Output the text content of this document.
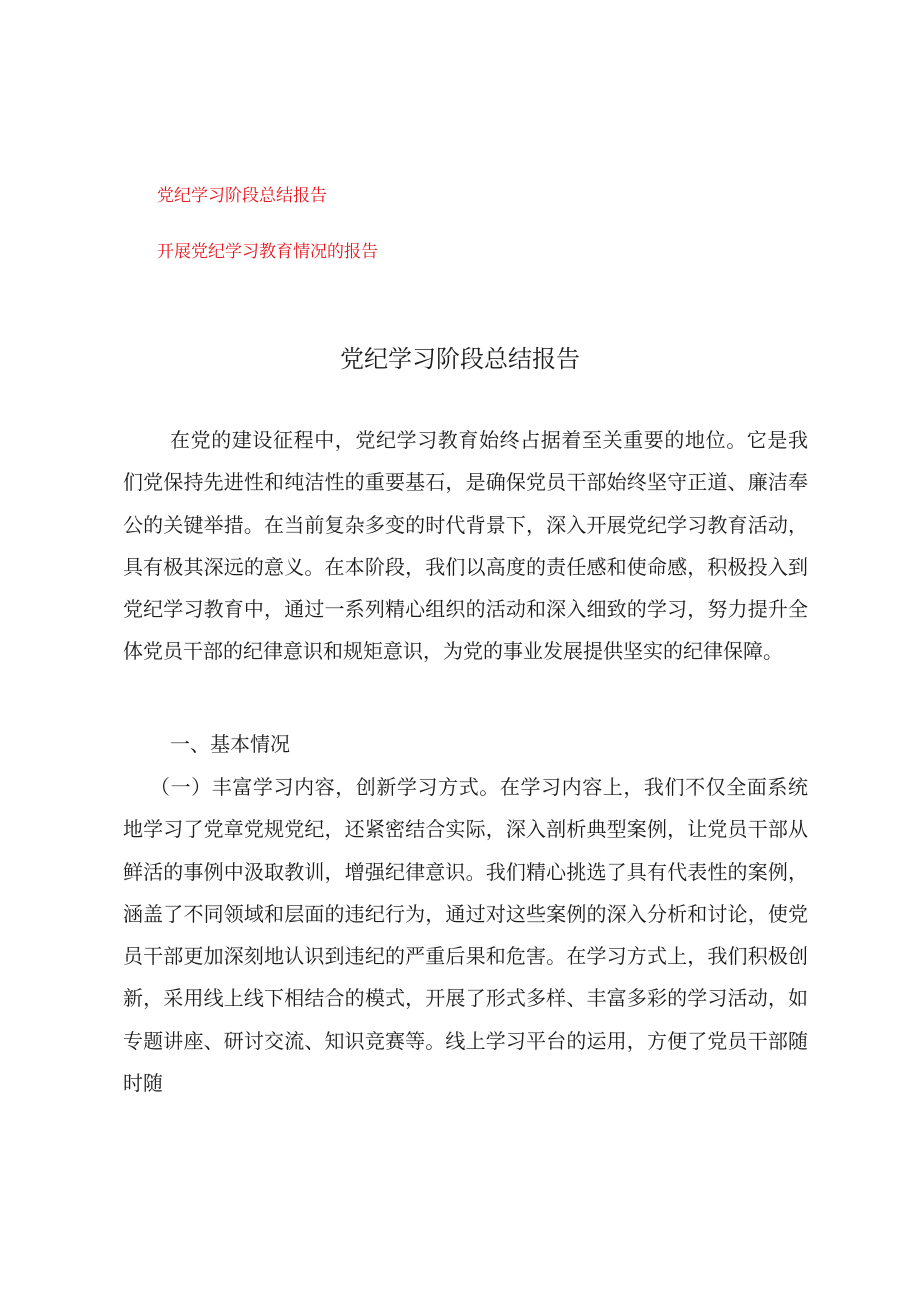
党纪学习阶段总结报告
开展党纪学习教育情况的报告
党纪学习阶段总结报告

在党的建设征程中，党纪学习教育始终占据着至关重要的地位。它是我们党保持先进性和纯洁性的重要基石，是确保党员干部始终坚守正道、廉洁奉公的关键举措。在当前复杂多变的时代背景下，深入开展党纪学习教育活动，具有极其深远的意义。在本阶段，我们以高度的责任感和使命感，积极投入到党纪学习教育中，通过一系列精心组织的活动和深入细致的学习，努力提升全体党员干部的纪律意识和规矩意识，为党的事业发展提供坚实的纪律保障。

一、基本情况

（一）丰富学习内容，创新学习方式。在学习内容上，我们不仅全面系统地学习了党章党规党纪，还紧密结合实际，深入剖析典型案例，让党员干部从鲜活的事例中汲取教训，增强纪律意识。我们精心挑选了具有代表性的案例，涵盖了不同领域和层面的违纪行为，通过对这些案例的深入分析和讨论，使党员干部更加深刻地认识到违纪的严重后果和危害。在学习方式上，我们积极创新，采用线上线下相结合的模式，开展了形式多样、丰富多彩的学习活动，如专题讲座、研讨交流、知识竞赛等。线上学习平台的运用，方便了党员干部随时随
